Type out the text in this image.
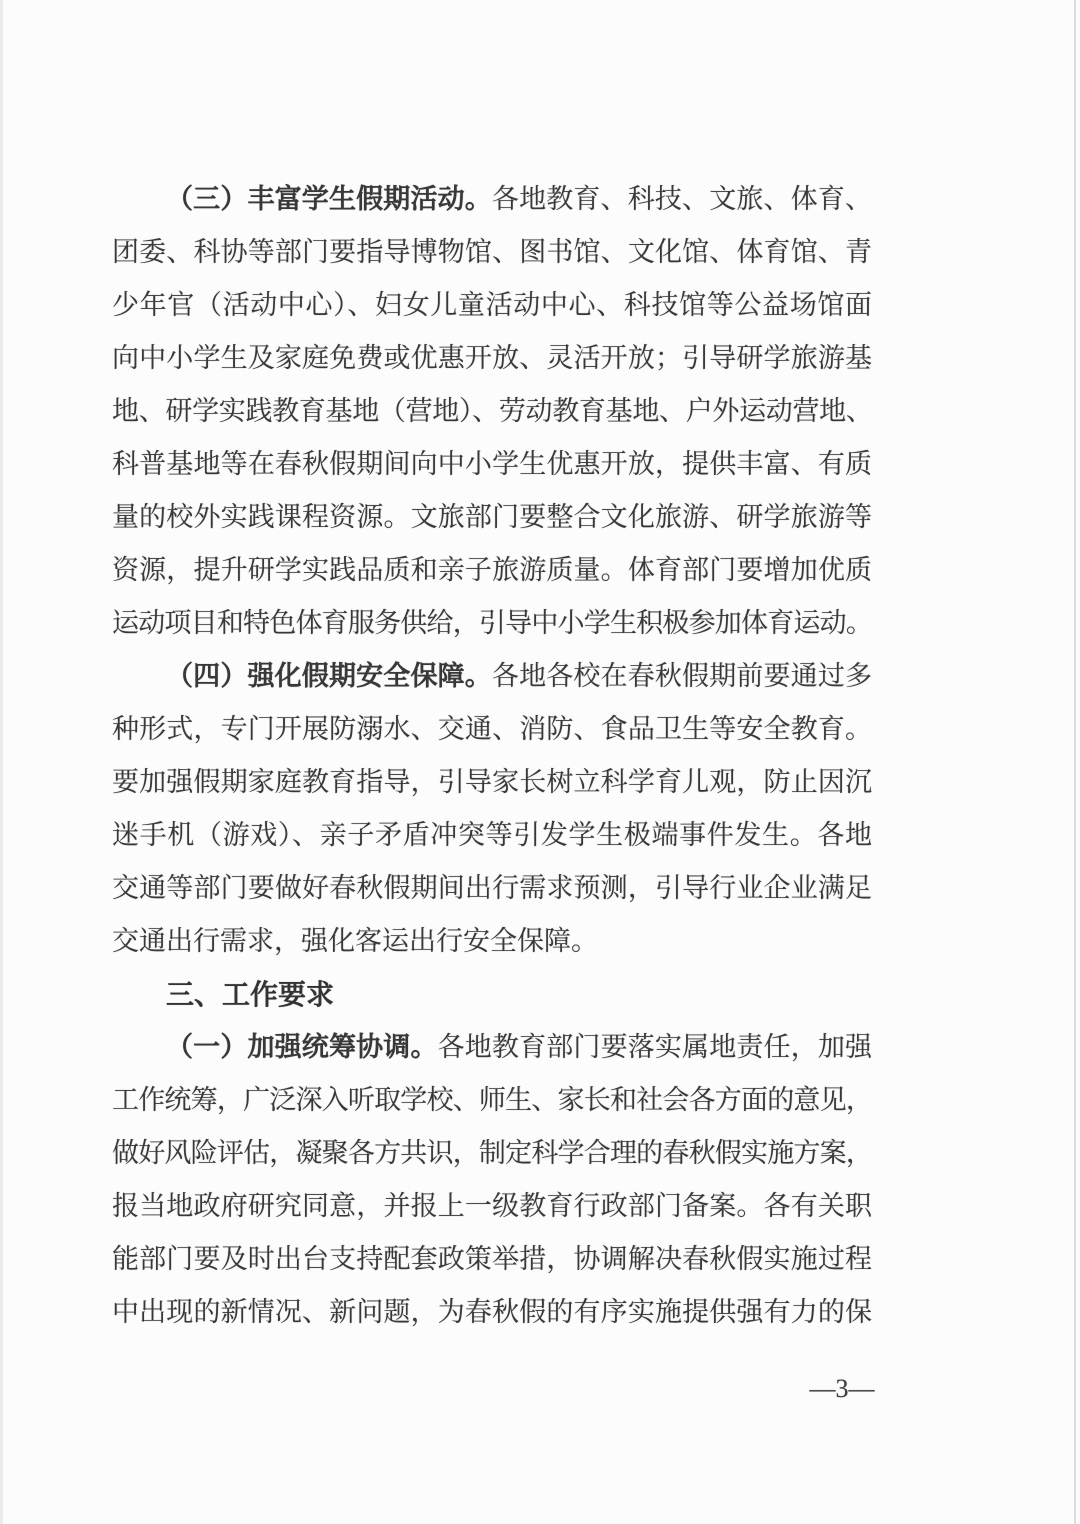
（三）丰富学生假期活动。各地教育、科技、文旅、体育、

团委、科协等部门要指导博物馆、图书馆、文化馆、体育馆、青

少年官（活动中心）、妇女儿童活动中心、科技馆等公益场馆面

向中小学生及家庭免费或优惠开放、灵活开放；引导研学旅游基

地、研学实践教育基地（营地）、劳动教育基地、户外运动营地、

科普基地等在春秋假期间向中小学生优惠开放，提供丰富、有质

量的校外实践课程资源。文旅部门要整合文化旅游、研学旅游等

资源，提升研学实践品质和亲子旅游质量。体育部门要增加优质

运动项目和特色体育服务供给，引导中小学生积极参加体育运动。

（四）强化假期安全保障。各地各校在春秋假期前要通过多

种形式，专门开展防溺水、交通、消防、食品卫生等安全教育。

要加强假期家庭教育指导，引导家长树立科学育儿观，防止因沉

迷手机（游戏）、亲子矛盾冲突等引发学生极端事件发生。各地

交通等部门要做好春秋假期间出行需求预测，引导行业企业满足

交通出行需求，强化客运出行安全保障。

三、工作要求

（一）加强统筹协调。各地教育部门要落实属地责任，加强

工作统筹，广泛深入听取学校、师生、家长和社会各方面的意见，

做好风险评估，凝聚各方共识，制定科学合理的春秋假实施方案，

报当地政府研究同意，并报上一级教育行政部门备案。各有关职

能部门要及时出台支持配套政策举措，协调解决春秋假实施过程

中出现的新情况、新问题，为春秋假的有序实施提供强有力的保

—3—
